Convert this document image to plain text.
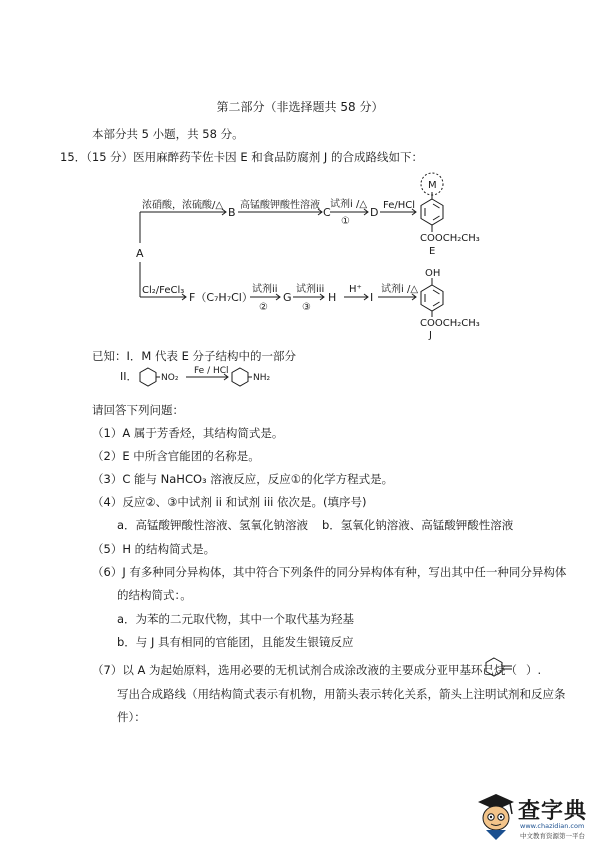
第二部分（非选择题共 58 分）
本部分共 5 小题，共 58 分。
15．（15 分）医用麻醉药苄佐卡因 E 和食品防腐剂 J 的合成路线如下：
浓硝酸，浓硫酸/△
B
高锰酸钾酸性溶液
C
试剂i /△
①
D
Fe/HCl
M
COOCH₂CH₃
E
A
Cl₂/FeCl₃
F（C₇H₇Cl）
试剂ii
②
G
试剂iii
③
H
H⁺
I
试剂i /△
OH
COOCH₂CH₃
J
已知：I．M 代表 E 分子结构中的一部分
II．	NO₂
Fe / HCl
NH₂
请回答下列问题：
（1）A 属于芳香烃，其结构简式是。
（2）E 中所含官能团的名称是。
（3）C 能与 NaHCO₃ 溶液反应，反应①的化学方程式是。
（4）反应②、③中试剂 ii 和试剂 iii 依次是。(填序号)
a．高锰酸钾酸性溶液、氢氧化钠溶液 b．氢氧化钠溶液、高锰酸钾酸性溶液
（5）H 的结构简式是。
（6）J 有多种同分异构体，其中符合下列条件的同分异构体有种，写出其中任一种同分异构体
的结构简式：。
a．为苯的二元取代物，其中一个取代基为羟基
b．与 J 具有相同的官能团，且能发生银镜反应
（7）以 A 为起始原料，选用必要的无机试剂合成涂改液的主要成分亚甲基环己烷（ ）.
写出合成路线（用结构简式表示有机物，用箭头表示转化关系，箭头上注明试剂和反应条
件）：
查字典
www.chazidian.com
中文教育资源第一平台
